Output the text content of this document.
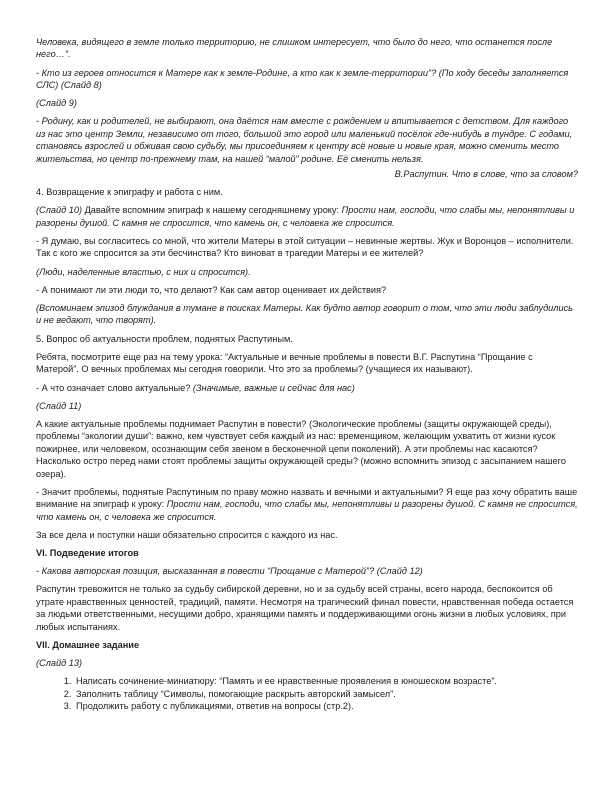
Человека, видящего в земле только территорию, не слишком интересует, что было до него, что останется после него…”.

- Кто из героев относится к Матере как к земле-Родине, а кто как к земле-территории”? (По ходу беседы заполняется СЛС) (Слайд 8)

(Слайд 9)

- Родину, как и родителей, не выбирают, она даётся нам вместе с рождением и впитывается с детством. Для каждого из нас это центр Земли, независимо от того, большой это город или маленький посёлок где-нибудь в тундре. С годами, становясь взрослей и обживая свою судьбу, мы присоединяем к центру всё новые и новые края, можно сменить место жительства, но центр по-прежнему там, на нашей “малой” родине. Её сменить нельзя.

В.Распутин. Что в слове, что за словом?

4. Возвращение к эпиграфу и работа с ним.

(Слайд 10) Давайте вспомним эпиграф к нашему сегодняшнему уроку: Прости нам, господи, что слабы мы, непонятливы и разорены душой. С камня не спросится, что камень он, с человека же спросится.

- Я думаю, вы согласитесь со мной, что жители Матеры в этой ситуации – невинные жертвы. Жук и Воронцов – исполнители. Так с кого же спросится за эти бесчинства? Кто виноват в трагедии Матеры и ее жителей?

(Люди, наделенные властью, с них и спросится).

- А понимают ли эти люди то, что делают? Как сам автор оценивает их действия?

(Вспоминаем эпизод блуждания в тумане в поисках Матеры. Как будто автор говорит о том, что эти люди заблудились и не ведают, что творят).

5. Вопрос об актуальности проблем, поднятых Распутиным.

Ребята, посмотрите еще раз на тему урока: “Актуальные и вечные проблемы в повести В.Г. Распутина “Прощание с Матерой”. О вечных проблемах мы сегодня говорили. Что это за проблемы? (учащиеся их называют).

- А что означает слово актуальные? (Значимые, важные и сейчас для нас)

(Слайд 11)

А какие актуальные проблемы поднимает Распутин в повести? (Экологические проблемы (защиты окружающей среды), проблемы “экологии души”: важно, кем чувствует себя каждый из нас: временщиком, желающим ухватить от жизни кусок пожирнее, или человеком, осознающим себя звеном в бесконечной цепи поколений). А эти проблемы нас касаются? Насколько остро перед нами стоят проблемы защиты окружающей среды? (можно вспомнить эпизод с засыпанием нашего озера).

- Значит проблемы, поднятые Распутиным по праву можно назвать и вечными и актуальными? Я еще раз хочу обратить ваше внимание на эпиграф к уроку: Прости нам, господи, что слабы мы, непонятливы и разорены душой. С камня не спросится, что камень он, с человека же спросится.

За все дела и поступки наши обязательно спросится с каждого из нас.

VI. Подведение итогов

- Какова авторская позиция, высказанная в повести “Прощание с Матерой”? (Слайд 12)

Распутин тревожится не только за судьбу сибирской деревни, но и за судьбу всей страны, всего народа, беспокоится об утрате нравственных ценностей, традиций, памяти. Несмотря на трагический финал повести, нравственная победа остается за людьми ответственными, несущими добро, хранящими память и поддерживающими огонь жизни в любых условиях, при любых испытаниях.

VII. Домашнее задание

(Слайд 13)

1. Написать сочинение-миниатюру: “Память и ее нравственные проявления в юношеском возрасте”.
2. Заполнить таблицу “Символы, помогающие раскрыть авторский замысел”.
3. Продолжить работу с публикациями, ответив на вопросы (стр.2).
